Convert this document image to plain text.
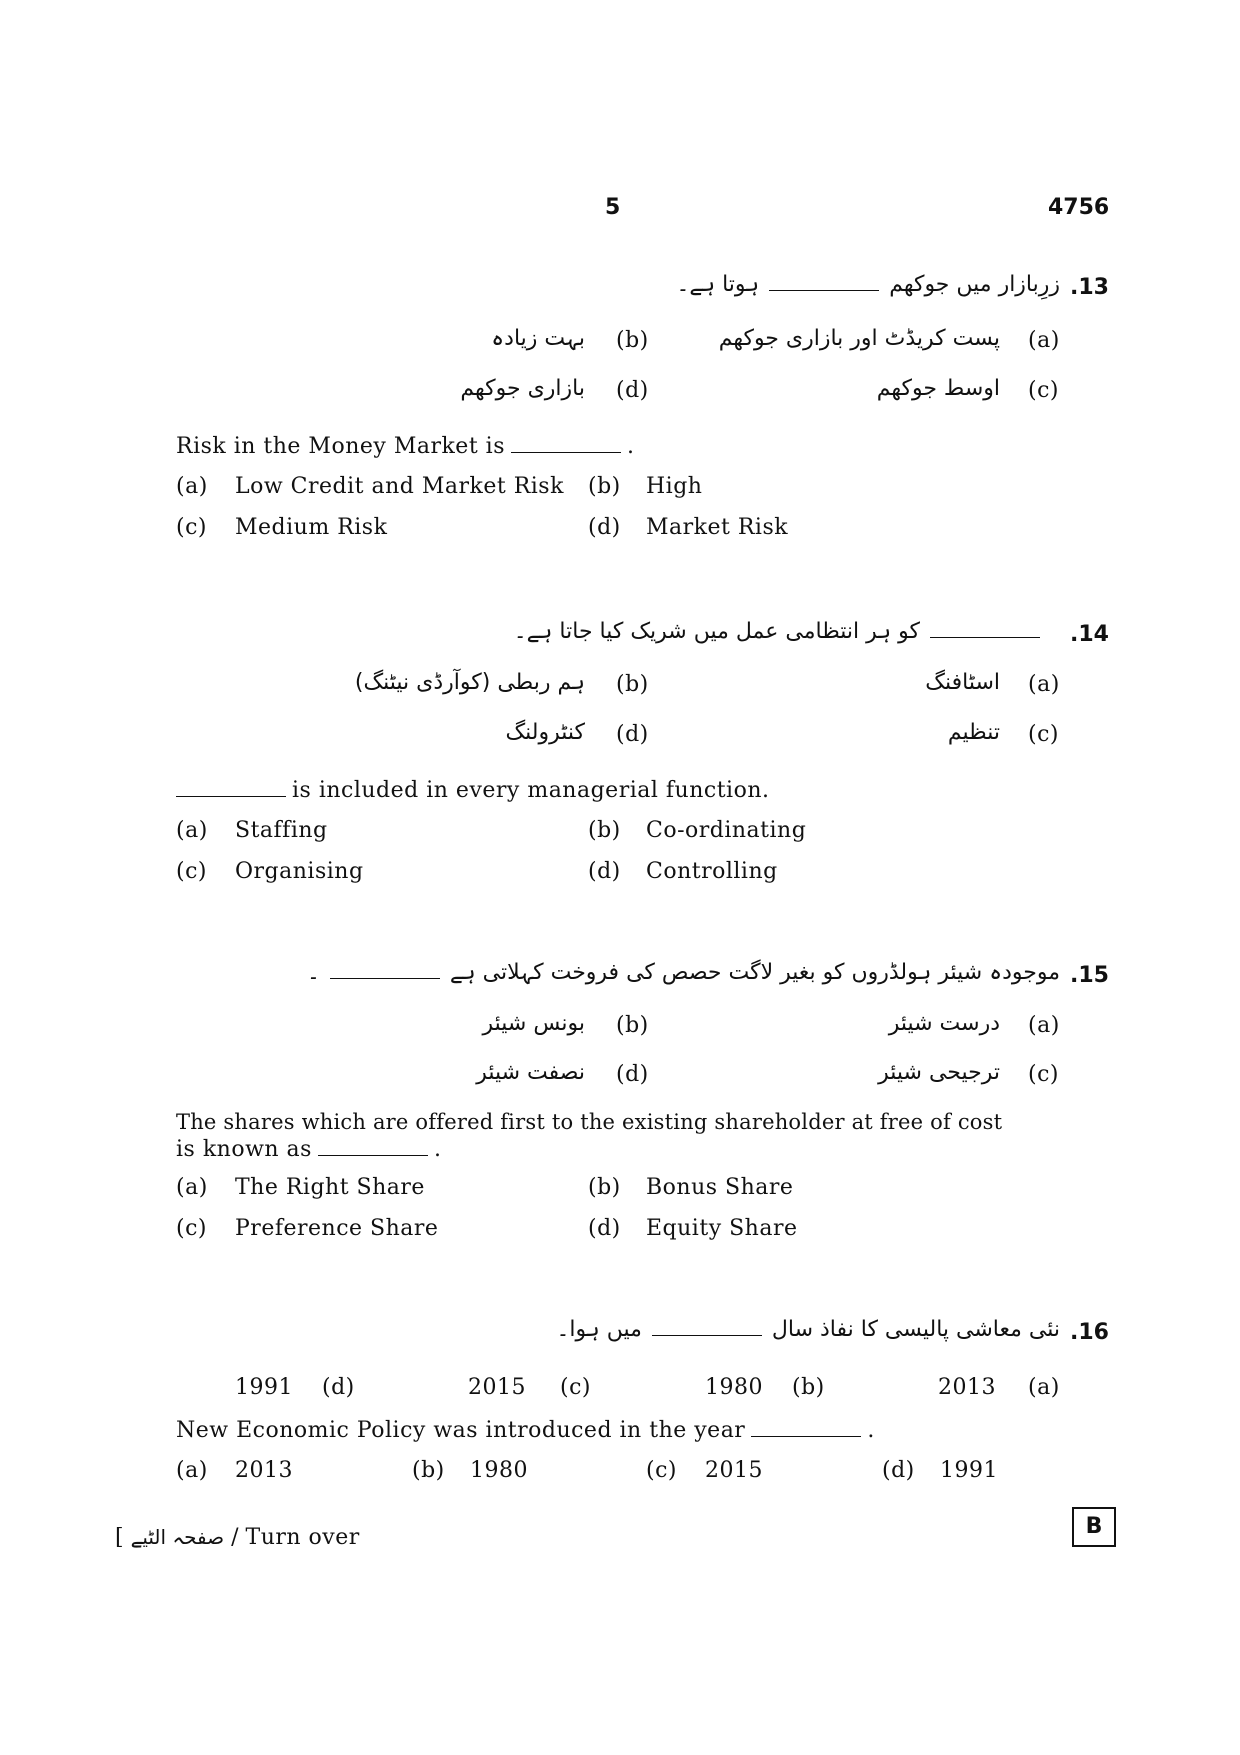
5	4756
.13
زرِبازار میں جوکھمہوتا ہے۔
(a)
پست کریڈٹ اور بازاری جوکھم
(b)
بہت زیادہ
(c)
اوسط جوکھم
(d)
بازاری جوکھم
Risk in the Money Market is	.
(a) Low Credit and Market Risk (b) High
(c) Medium Risk	(d) Market Risk
.14
کو ہر انتظامی عمل میں شریک کیا جاتا ہے۔
(a)
اسٹافنگ
(b)
ہم ربطی (کوآرڈی نیٹنگ)
(c)
تنظیم
(d)
کنٹرولنگ
is included in every managerial function.
(a) Staffing	(b) Co-ordinating
(c) Organising	(d) Controlling
.15
موجودہ شیئر ہولڈروں کو بغیر لاگت حصص کی فروخت کہلاتی ہے۔
(a)
درست شیئر
(b)
بونس شیئر
(c)
ترجیحی شیئر
(d)
نصفت شیئر
The shares which are offered first to the existing shareholder at free of cost
is known as	.
(a) The Right Share	(b) Bonus Share
(c) Preference Share	(d) Equity Share
.16
نئی معاشی پالیسی کا نفاذ سالمیں ہوا۔
(a)
2013
(b)
1980
(c)
2015
(d)
1991
New Economic Policy was introduced in the year	.
(a) 2013	(b) 1980	(c) 2015	(d) 1991
[ صفحہ الٹیے / Turn over	B
